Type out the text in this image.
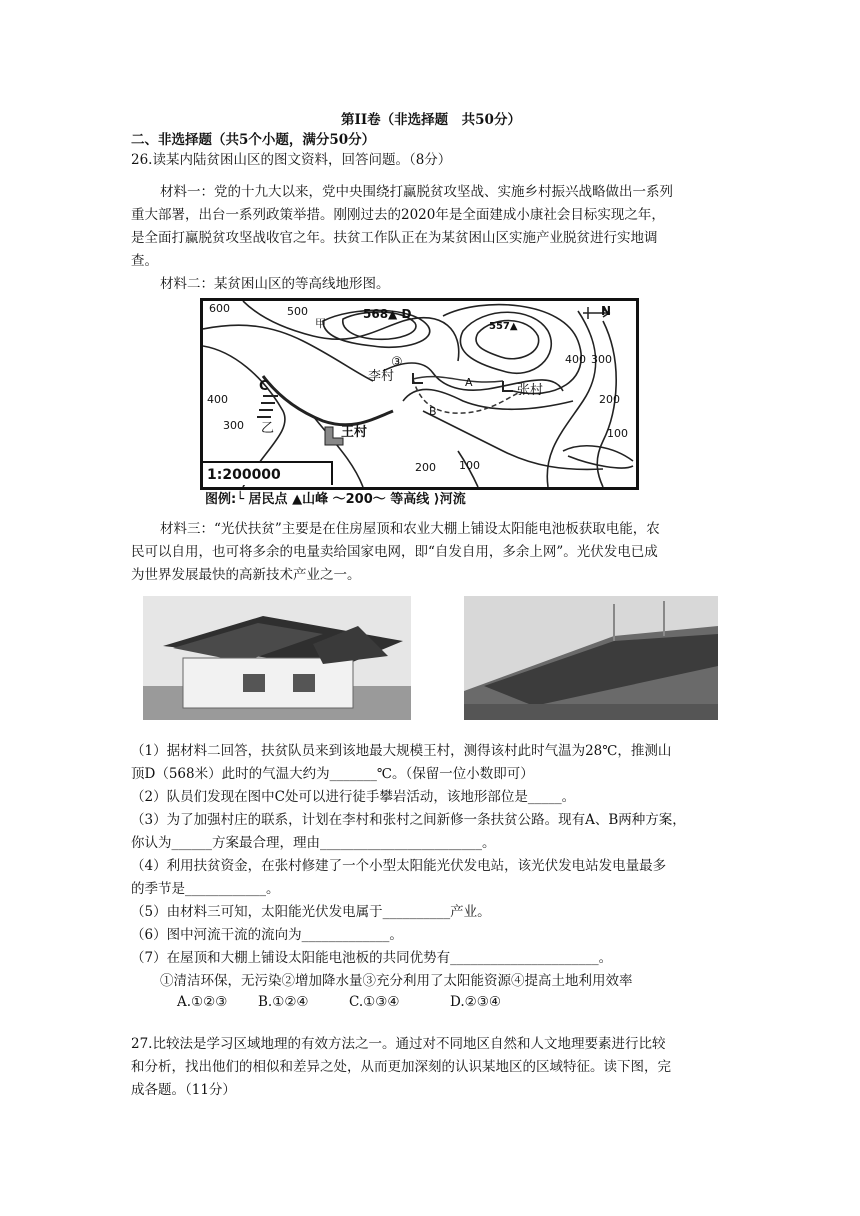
第II卷（非选择题　共50分）
二、非选择题（共5个小题，满分50分）
26.读某内陆贫困山区的图文资料，回答问题。（8分）
材料一：党的十九大以来，党中央围绕打赢脱贫攻坚战、实施乡村振兴战略做出一系列
重大部署，出台一系列政策举措。刚刚过去的2020年是全面建成小康社会目标实现之年，
是全面打赢脱贫攻坚战收官之年。扶贫工作队正在为某贫困山区实施产业脱贫进行实地调
查。
材料二：某贫困山区的等高线地形图。
600	500
甲
568▲ D
557▲
③
李村	A
B
张村
C
400
300 乙	王村
400 300
200
100
200 100
N
1:200000
图例:└ 居民点 ▲山峰 ～200～ 等高线 ⟩河流
材料三：“光伏扶贫”主要是在住房屋顶和农业大棚上铺设太阳能电池板获取电能，农
民可以自用，也可将多余的电量卖给国家电网，即“自发自用，多余上网”。光伏发电已成
为世界发展最快的高新技术产业之一。
（1）据材料二回答，扶贫队员来到该地最大规模王村，测得该村此时气温为28℃，推测山
顶D（568米）此时的气温大约为_______℃。（保留一位小数即可）
（2）队员们发现在图中C处可以进行徒手攀岩活动，该地形部位是_____。
（3）为了加强村庄的联系，计划在李村和张村之间新修一条扶贫公路。现有A、B两种方案，
你认为______方案最合理，理由________________________。
（4）利用扶贫资金，在张村修建了一个小型太阳能光伏发电站，该光伏发电站发电量最多
的季节是____________。
（5）由材料三可知，太阳能光伏发电属于__________产业。
（6）图中河流干流的流向为_____________。
（7）在屋顶和大棚上铺设太阳能电池板的共同优势有______________________。
①清洁环保，无污染②增加降水量③充分利用了太阳能资源④提高土地利用效率
A.①②③ B.①②④	C.①③④	D.②③④
27.比较法是学习区域地理的有效方法之一。通过对不同地区自然和人文地理要素进行比较
和分析，找出他们的相似和差异之处，从而更加深刻的认识某地区的区域特征。读下图，完
成各题。（11分）
